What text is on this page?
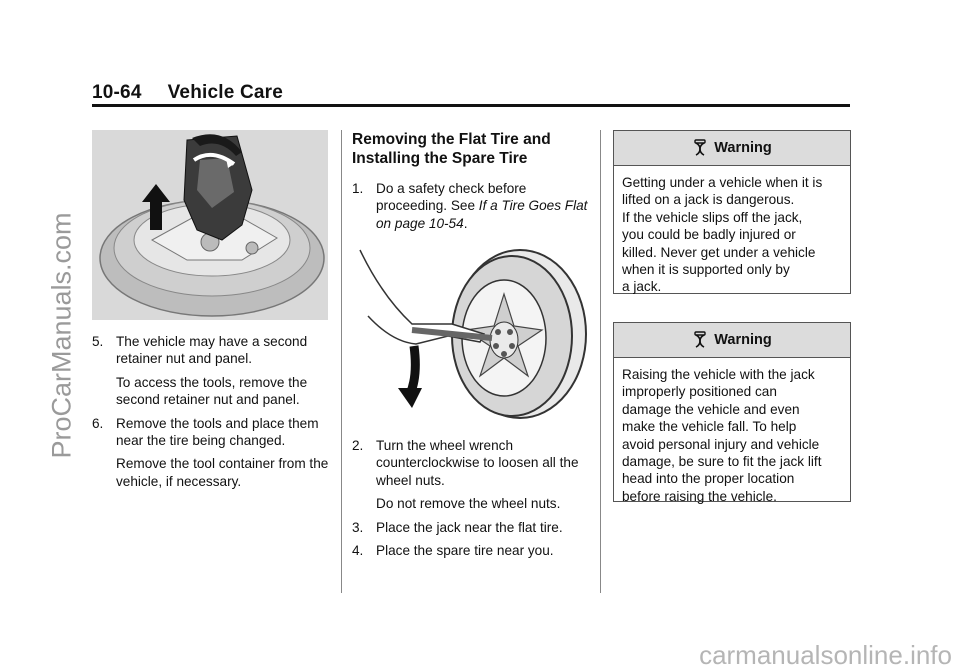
10-64 Vehicle Care
ProCarManuals.com 5. The vehicle may have a second retainer nut and panel.
To access the tools, remove the second retainer nut and panel.
6. Remove the tools and place them near the tire being changed.
Remove the tool container from the vehicle, if necessary.
Removing the Flat Tire and Installing the Spare Tire
1. Do a safety check before proceeding. See If a Tire Goes Flat on page 10-54.
2. Turn the wheel wrench counterclockwise to loosen all the wheel nuts.
Do not remove the wheel nuts.
3. Place the jack near the flat tire.
4. Place the spare tire near you.
Warning

Getting under a vehicle when it is

lifted on a jack is dangerous.

If the vehicle slips off the jack,

you could be badly injured or

killed. Never get under a vehicle

when it is supported only by

a jack.

Warning

Raising the vehicle with the jack

improperly positioned can

damage the vehicle and even

make the vehicle fall. To help

avoid personal injury and vehicle

damage, be sure to fit the jack lift

head into the proper location

before raising the vehicle.

carmanualsonline.info
